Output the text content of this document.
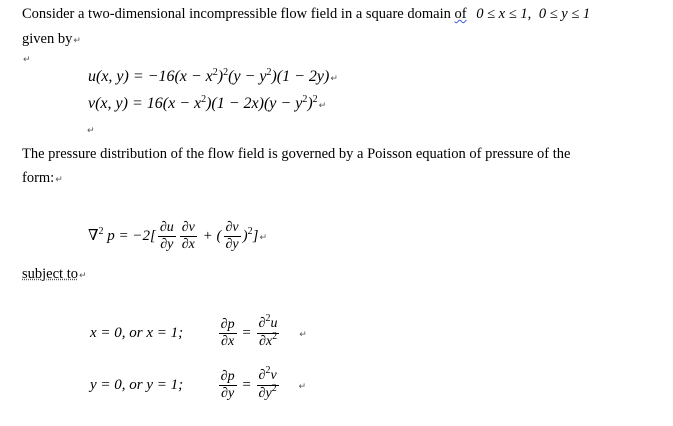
Consider a two-dimensional incompressible flow field in a square domain of 0 ≤ x ≤ 1, 0 ≤ y ≤ 1
given by↵
↵
u(x, $y) = -16(x - x^2)^2(y - y^2)(1$ − 2y)↵
v(x, $y) = 16(x - x^2)(1 - 2x)(y$ − $y^2)^2↵$
↵
The pressure distribution of the flow field is governed by a Poisson equation of pressure of the
form:↵
∇$^2$ $p = -2[ \frac{\partial u}{\partial y} \frac{\partial v}{\partial x}$ + ( $\frac{\partial v}{\partial y}$ )$^2$]↵
subject to↵
x = 0, or x = 1;	$\frac{\partial p}{\partial x} = \frac{\partial^2u}{\partial x^2}$ ↵
y = 0, or y = 1;	$\frac{\partial p}{\partial y} = \frac{\partial^2v}{\partial y^2}$ ↵
